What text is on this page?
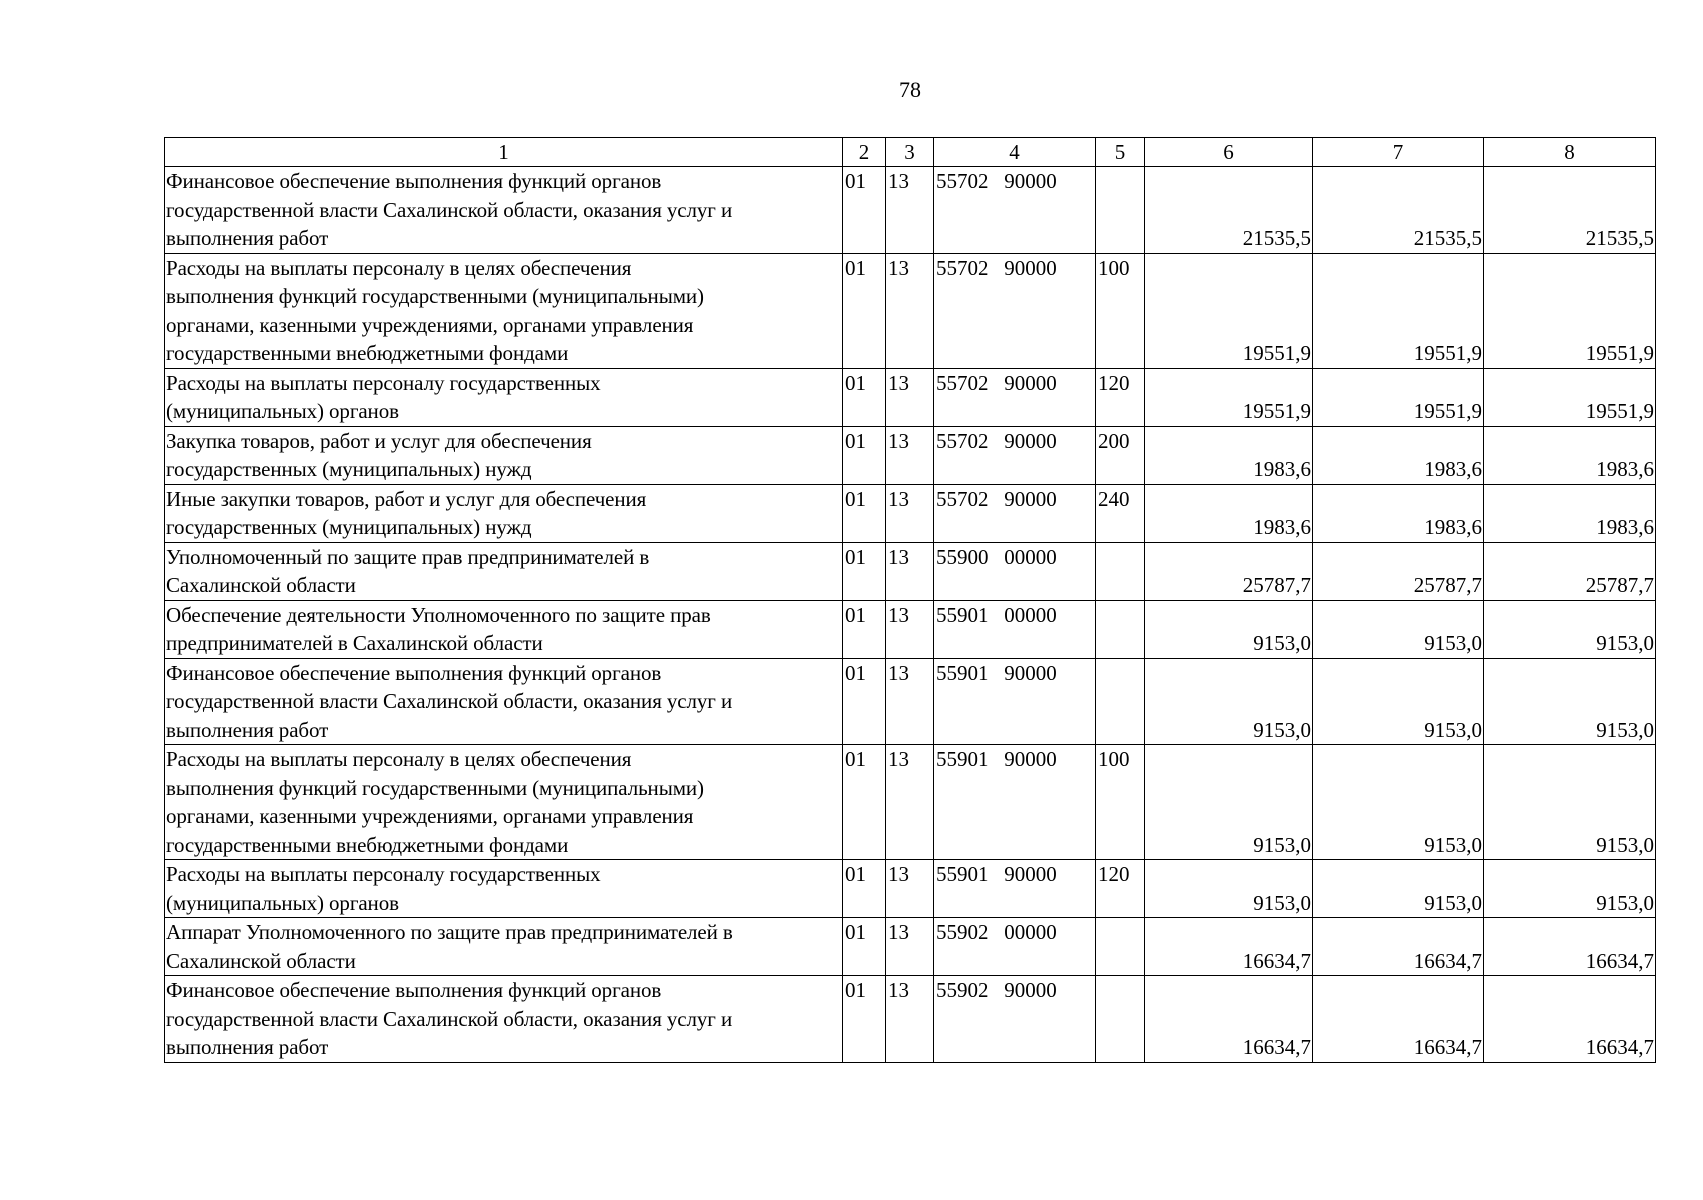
78
1	2	3	4	5	6	7	8

Финансовое обеспечение выполнения функций органов
государственной власти Сахалинской области, оказания услуг и
выполнения работ	01	13	55702   90000		21535,5	21535,5	21535,5

Расходы на выплаты персоналу в целях обеспечения
выполнения функций государственными (муниципальными)
органами, казенными учреждениями, органами управления
государственными внебюджетными фондами	01	13	55702   90000	100	19551,9	19551,9	19551,9

Расходы на выплаты персоналу государственных
(муниципальных) органов	01	13	55702   90000	120	19551,9	19551,9	19551,9

Закупка товаров, работ и услуг для обеспечения
государственных (муниципальных) нужд	01	13	55702   90000	200	1983,6	1983,6	1983,6

Иные закупки товаров, работ и услуг для обеспечения
государственных (муниципальных) нужд	01	13	55702   90000	240	1983,6	1983,6	1983,6

Уполномоченный по защите прав предпринимателей в
Сахалинской области	01	13	55900   00000		25787,7	25787,7	25787,7

Обеспечение деятельности Уполномоченного по защите прав
предпринимателей в Сахалинской области	01	13	55901   00000		9153,0	9153,0	9153,0

Финансовое обеспечение выполнения функций органов
государственной власти Сахалинской области, оказания услуг и
выполнения работ	01	13	55901   90000		9153,0	9153,0	9153,0

Расходы на выплаты персоналу в целях обеспечения
выполнения функций государственными (муниципальными)
органами, казенными учреждениями, органами управления
государственными внебюджетными фондами	01	13	55901   90000	100	9153,0	9153,0	9153,0

Расходы на выплаты персоналу государственных
(муниципальных) органов	01	13	55901   90000	120	9153,0	9153,0	9153,0

Аппарат Уполномоченного по защите прав предпринимателей в
Сахалинской области	01	13	55902   00000		16634,7	16634,7	16634,7

Финансовое обеспечение выполнения функций органов
государственной власти Сахалинской области, оказания услуг и
выполнения работ	01	13	55902   90000		16634,7	16634,7	16634,7
